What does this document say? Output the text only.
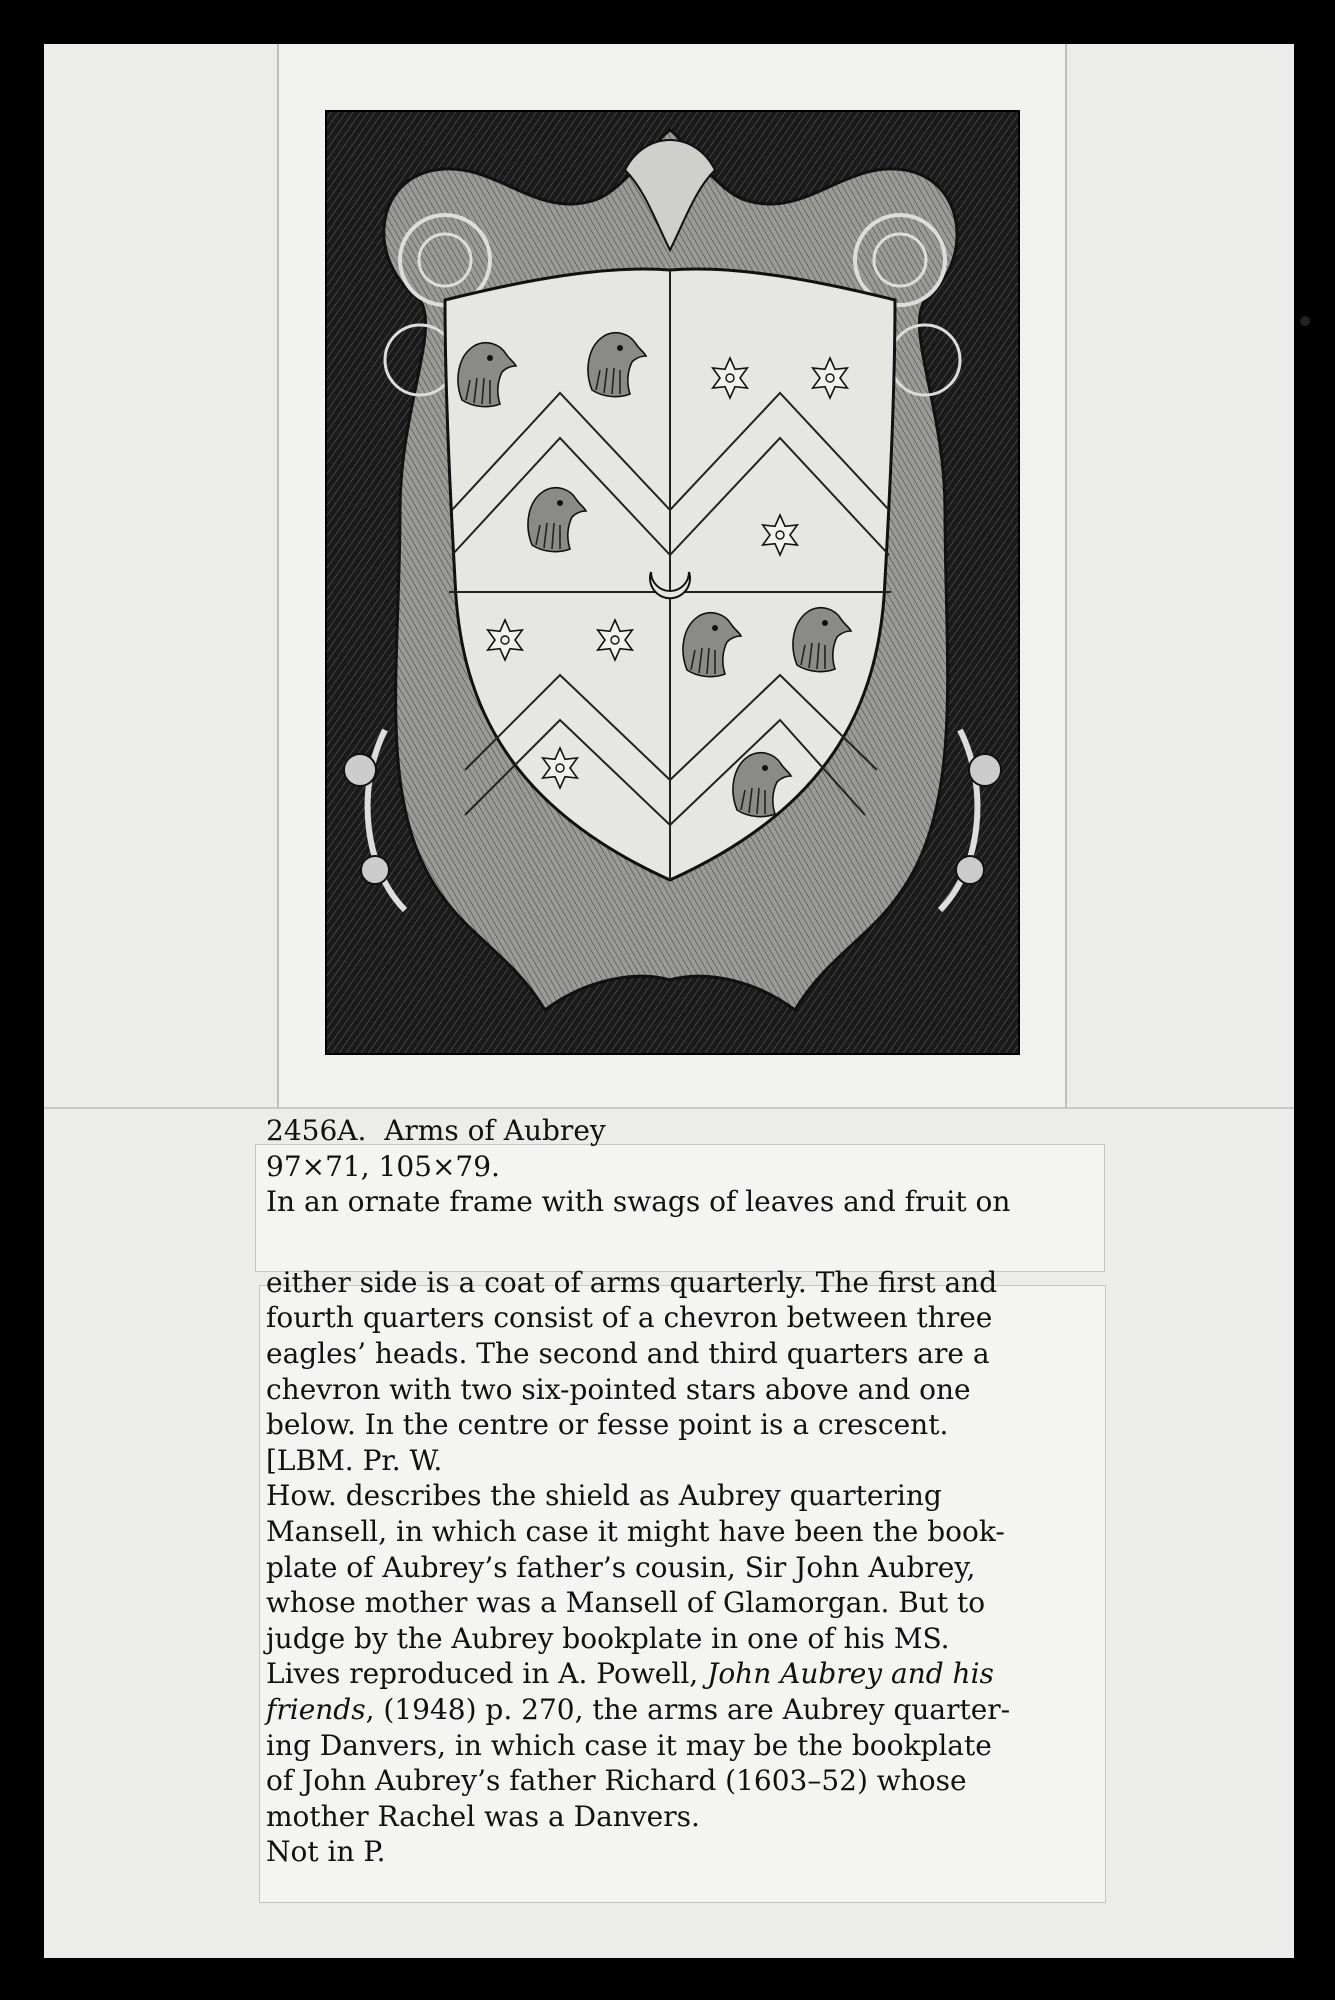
2456A. Arms of Aubrey
97×71, 105×79.
In an ornate frame with swags of leaves and fruit on
either side is a coat of arms quarterly. The first and
fourth quarters consist of a chevron between three
eagles’ heads. The second and third quarters are a
chevron with two six-pointed stars above and one
below. In the centre or fesse point is a crescent.
[LBM. Pr. W.
How. describes the shield as Aubrey quartering
Mansell, in which case it might have been the book-
plate of Aubrey’s father’s cousin, Sir John Aubrey,
whose mother was a Mansell of Glamorgan. But to
judge by the Aubrey bookplate in one of his MS.
Lives reproduced in A. Powell, John Aubrey and his
friends, (1948) p. 270, the arms are Aubrey quarter-
ing Danvers, in which case it may be the bookplate
of John Aubrey’s father Richard (1603–52) whose
mother Rachel was a Danvers.
Not in P.
